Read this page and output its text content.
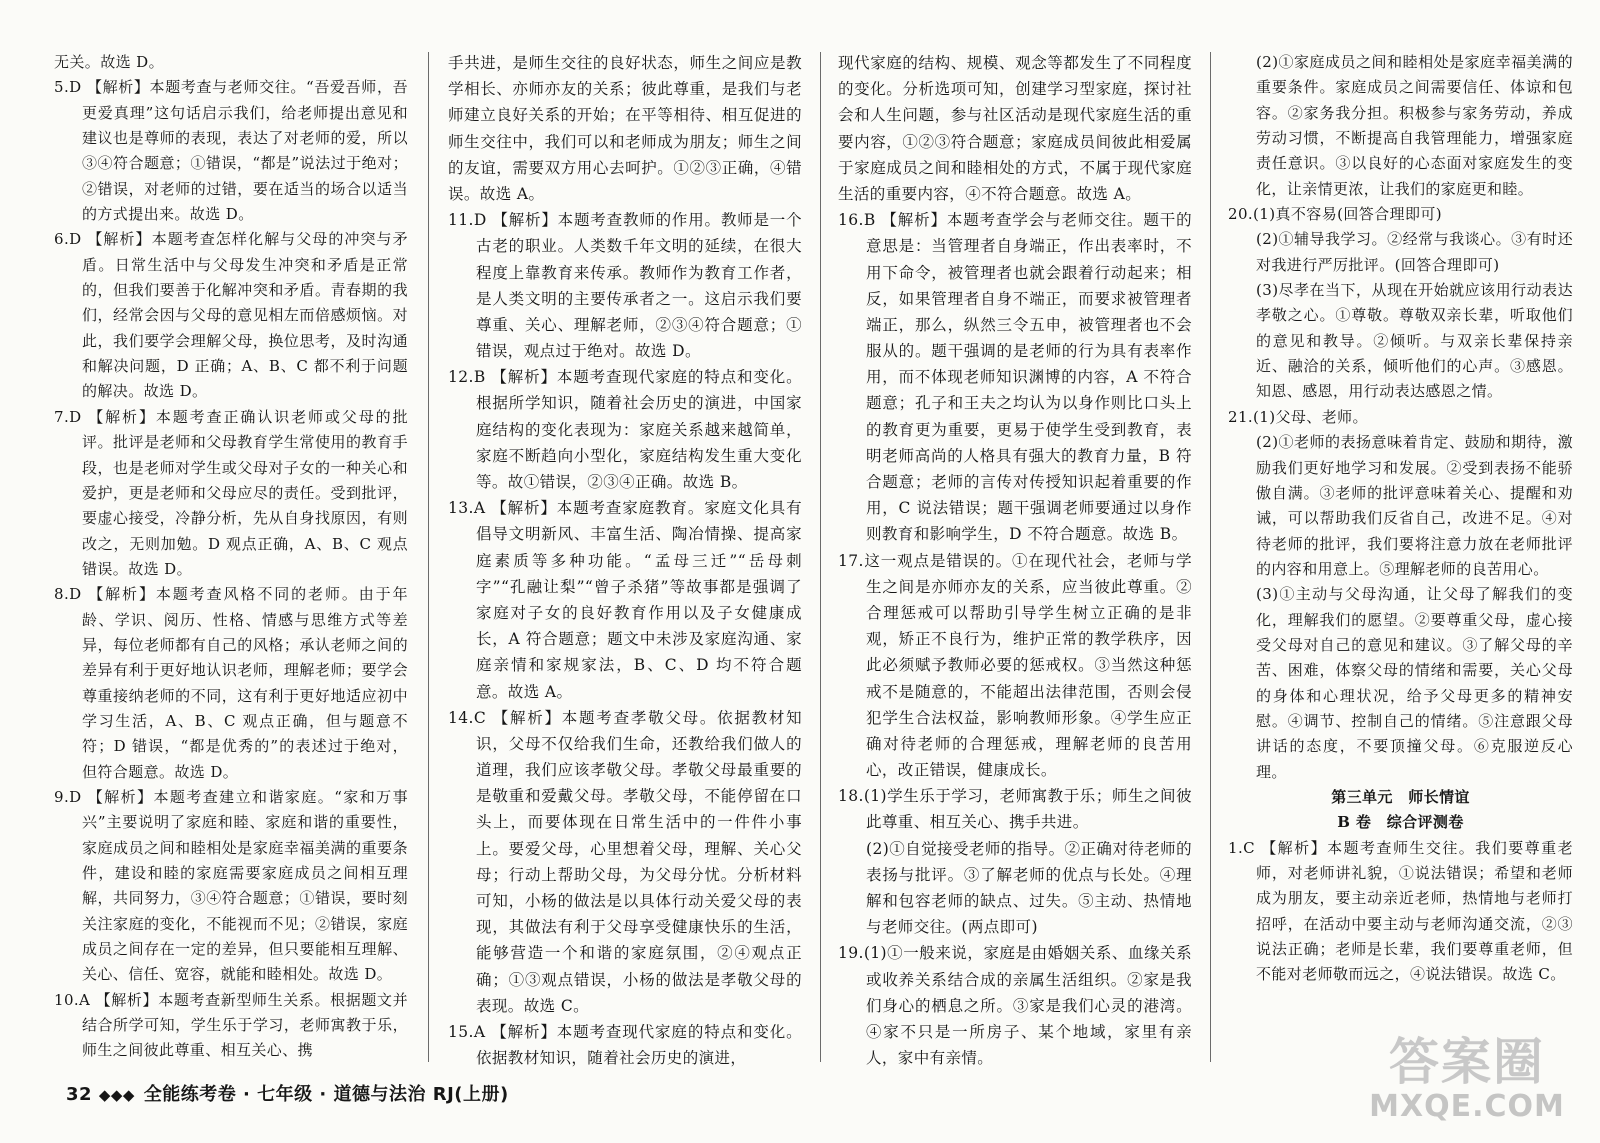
无关。故选 D。

5.D 【解析】本题考查与老师交往。“吾爱吾师，吾更爱真理”这句话启示我们，给老师提出意见和建议也是尊师的表现，表达了对老师的爱，所以③④符合题意；①错误，“都是”说法过于绝对；②错误，对老师的过错，要在适当的场合以适当的方式提出来。故选 D。

6.D 【解析】本题考查怎样化解与父母的冲突与矛盾。日常生活中与父母发生冲突和矛盾是正常的，但我们要善于化解冲突和矛盾。青春期的我们，经常会因与父母的意见相左而倍感烦恼。对此，我们要学会理解父母，换位思考，及时沟通和解决问题，D 正确；A、B、C 都不利于问题的解决。故选 D。

7.D 【解析】本题考查正确认识老师或父母的批评。批评是老师和父母教育学生常使用的教育手段，也是老师对学生或父母对子女的一种关心和爱护，更是老师和父母应尽的责任。受到批评，要虚心接受，冷静分析，先从自身找原因，有则改之，无则加勉。D 观点正确，A、B、C 观点错误。故选 D。

8.D 【解析】本题考查风格不同的老师。由于年龄、学识、阅历、性格、情感与思维方式等差异，每位老师都有自己的风格；承认老师之间的差异有利于更好地认识老师，理解老师；要学会尊重接纳老师的不同，这有利于更好地适应初中学习生活，A、B、C 观点正确，但与题意不符；D 错误，“都是优秀的”的表述过于绝对，但符合题意。故选 D。

9.D 【解析】本题考查建立和谐家庭。“家和万事兴”主要说明了家庭和睦、家庭和谐的重要性，家庭成员之间和睦相处是家庭幸福美满的重要条件，建设和睦的家庭需要家庭成员之间相互理解，共同努力，③④符合题意；①错误，要时刻关注家庭的变化，不能视而不见；②错误，家庭成员之间存在一定的差异，但只要能相互理解、关心、信任、宽容，就能和睦相处。故选 D。

10.A 【解析】本题考查新型师生关系。根据题文并结合所学可知，学生乐于学习，老师寓教于乐，师生之间彼此尊重、相互关心、携

手共进，是师生交往的良好状态，师生之间应是教学相长、亦师亦友的关系；彼此尊重，是我们与老师建立良好关系的开始；在平等相待、相互促进的师生交往中，我们可以和老师成为朋友；师生之间的友谊，需要双方用心去呵护。①②③正确，④错误。故选 A。

11.D 【解析】本题考查教师的作用。教师是一个古老的职业。人类数千年文明的延续，在很大程度上靠教育来传承。教师作为教育工作者，是人类文明的主要传承者之一。这启示我们要尊重、关心、理解老师，②③④符合题意；①错误，观点过于绝对。故选 D。

12.B 【解析】本题考查现代家庭的特点和变化。根据所学知识，随着社会历史的演进，中国家庭结构的变化表现为：家庭关系越来越简单，家庭不断趋向小型化，家庭结构发生重大变化等。故①错误，②③④正确。故选 B。

13.A 【解析】本题考查家庭教育。家庭文化具有倡导文明新风、丰富生活、陶冶情操、提高家庭素质等多种功能。“孟母三迁”“岳母刺字”“孔融让梨”“曾子杀猪”等故事都是强调了家庭对子女的良好教育作用以及子女健康成长，A 符合题意；题文中未涉及家庭沟通、家庭亲情和家规家法，B、C、D 均不符合题意。故选 A。

14.C 【解析】本题考查孝敬父母。依据教材知识，父母不仅给我们生命，还教给我们做人的道理，我们应该孝敬父母。孝敬父母最重要的是敬重和爱戴父母。孝敬父母，不能停留在口头上，而要体现在日常生活中的一件件小事上。要爱父母，心里想着父母，理解、关心父母；行动上帮助父母，为父母分忧。分析材料可知，小杨的做法是以具体行动关爱父母的表现，其做法有利于父母享受健康快乐的生活，能够营造一个和谐的家庭氛围，②④观点正确；①③观点错误，小杨的做法是孝敬父母的表现。故选 C。

15.A 【解析】本题考查现代家庭的特点和变化。依据教材知识，随着社会历史的演进，

现代家庭的结构、规模、观念等都发生了不同程度的变化。分析选项可知，创建学习型家庭，探讨社会和人生问题，参与社区活动是现代家庭生活的重要内容，①②③符合题意；家庭成员间彼此相爱属于家庭成员之间和睦相处的方式，不属于现代家庭生活的重要内容，④不符合题意。故选 A。

16.B 【解析】本题考查学会与老师交往。题干的意思是：当管理者自身端正，作出表率时，不用下命令，被管理者也就会跟着行动起来；相反，如果管理者自身不端正，而要求被管理者端正，那么，纵然三令五申，被管理者也不会服从的。题干强调的是老师的行为具有表率作用，而不体现老师知识渊博的内容，A 不符合题意；孔子和王夫之均认为以身作则比口头上的教育更为重要，更易于使学生受到教育，表明老师高尚的人格具有强大的教育力量，B 符合题意；老师的言传对传授知识起着重要的作用，C 说法错误；题干强调老师要通过以身作则教育和影响学生，D 不符合题意。故选 B。

17.这一观点是错误的。①在现代社会，老师与学生之间是亦师亦友的关系，应当彼此尊重。②合理惩戒可以帮助引导学生树立正确的是非观，矫正不良行为，维护正常的教学秩序，因此必须赋予教师必要的惩戒权。③当然这种惩戒不是随意的，不能超出法律范围，否则会侵犯学生合法权益，影响教师形象。④学生应正确对待老师的合理惩戒，理解老师的良苦用心，改正错误，健康成长。

18.(1)学生乐于学习，老师寓教于乐；师生之间彼此尊重、相互关心、携手共进。

(2)①自觉接受老师的指导。②正确对待老师的表扬与批评。③了解老师的优点与长处。④理解和包容老师的缺点、过失。⑤主动、热情地与老师交往。(两点即可)

19.(1)①一般来说，家庭是由婚姻关系、血缘关系或收养关系结合成的亲属生活组织。②家是我们身心的栖息之所。③家是我们心灵的港湾。④家不只是一所房子、某个地域，家里有亲人，家中有亲情。

(2)①家庭成员之间和睦相处是家庭幸福美满的重要条件。家庭成员之间需要信任、体谅和包容。②家务我分担。积极参与家务劳动，养成劳动习惯，不断提高自我管理能力，增强家庭责任意识。③以良好的心态面对家庭发生的变化，让亲情更浓，让我们的家庭更和睦。

20.(1)真不容易(回答合理即可)

(2)①辅导我学习。②经常与我谈心。③有时还对我进行严厉批评。(回答合理即可)

(3)尽孝在当下，从现在开始就应该用行动表达孝敬之心。①尊敬。尊敬双亲长辈，听取他们的意见和教导。②倾听。与双亲长辈保持亲近、融洽的关系，倾听他们的心声。③感恩。知恩、感恩，用行动表达感恩之情。

21.(1)父母、老师。

(2)①老师的表扬意味着肯定、鼓励和期待，激励我们更好地学习和发展。②受到表扬不能骄傲自满。③老师的批评意味着关心、提醒和劝诫，可以帮助我们反省自己，改进不足。④对待老师的批评，我们要将注意力放在老师批评的内容和用意上。⑤理解老师的良苦用心。

(3)①主动与父母沟通，让父母了解我们的变化，理解我们的愿望。②要尊重父母，虚心接受父母对自己的意见和建议。③了解父母的辛苦、困难，体察父母的情绪和需要，关心父母的身体和心理状况，给予父母更多的精神安慰。④调节、控制自己的情绪。⑤注意跟父母讲话的态度，不要顶撞父母。⑥克服逆反心理。

第三单元　师长情谊

B 卷　综合评测卷

1.C 【解析】本题考查师生交往。我们要尊重老师，对老师讲礼貌，①说法错误；希望和老师成为朋友，要主动亲近老师，热情地与老师打招呼，在活动中要主动与老师沟通交流，②③说法正确；老师是长辈，我们要尊重老师，但不能对老师敬而远之，④说法错误。故选 C。

32 ◆◆◆ 全能练考卷 · 七年级 · 道德与法治 RJ(上册)
答案圈
MXQE.COM
